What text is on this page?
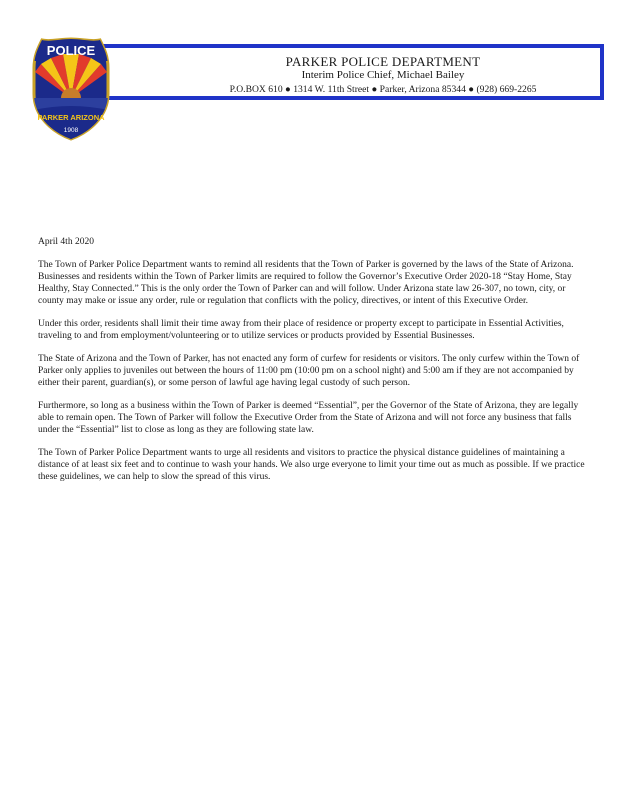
PARKER POLICE DEPARTMENT
Interim Police Chief, Michael Bailey
P.O.BOX 610 ● 1314 W. 11th Street ● Parker, Arizona 85344 ● (928) 669-2265
POLICE
PARKER ARIZONA
1908

April 4th 2020

The Town of Parker Police Department wants to remind all residents that the Town of Parker is governed by the laws of the State of Arizona. Businesses and residents within the Town of Parker limits are required to follow the Governor’s Executive Order 2020-18 “Stay Home, Stay Healthy, Stay Connected.” This is the only order the Town of Parker can and will follow. Under Arizona state law 26-307, no town, city, or county may make or issue any order, rule or regulation that conflicts with the policy, directives, or intent of this Executive Order.

Under this order, residents shall limit their time away from their place of residence or property except to participate in Essential Activities, traveling to and from employment/volunteering or to utilize services or products provided by Essential Businesses.

The State of Arizona and the Town of Parker, has not enacted any form of curfew for residents or visitors. The only curfew within the Town of Parker only applies to juveniles out between the hours of 11:00 pm (10:00 pm on a school night) and 5:00 am if they are not accompanied by either their parent, guardian(s), or some person of lawful age having legal custody of such person.

Furthermore, so long as a business within the Town of Parker is deemed “Essential”, per the Governor of the State of Arizona, they are legally able to remain open. The Town of Parker will follow the Executive Order from the State of Arizona and will not force any business that falls under the “Essential” list to close as long as they are following state law.

The Town of Parker Police Department wants to urge all residents and visitors to practice the physical distance guidelines of maintaining a distance of at least six feet and to continue to wash your hands. We also urge everyone to limit your time out as much as possible. If we practice these guidelines, we can help to slow the spread of this virus.
